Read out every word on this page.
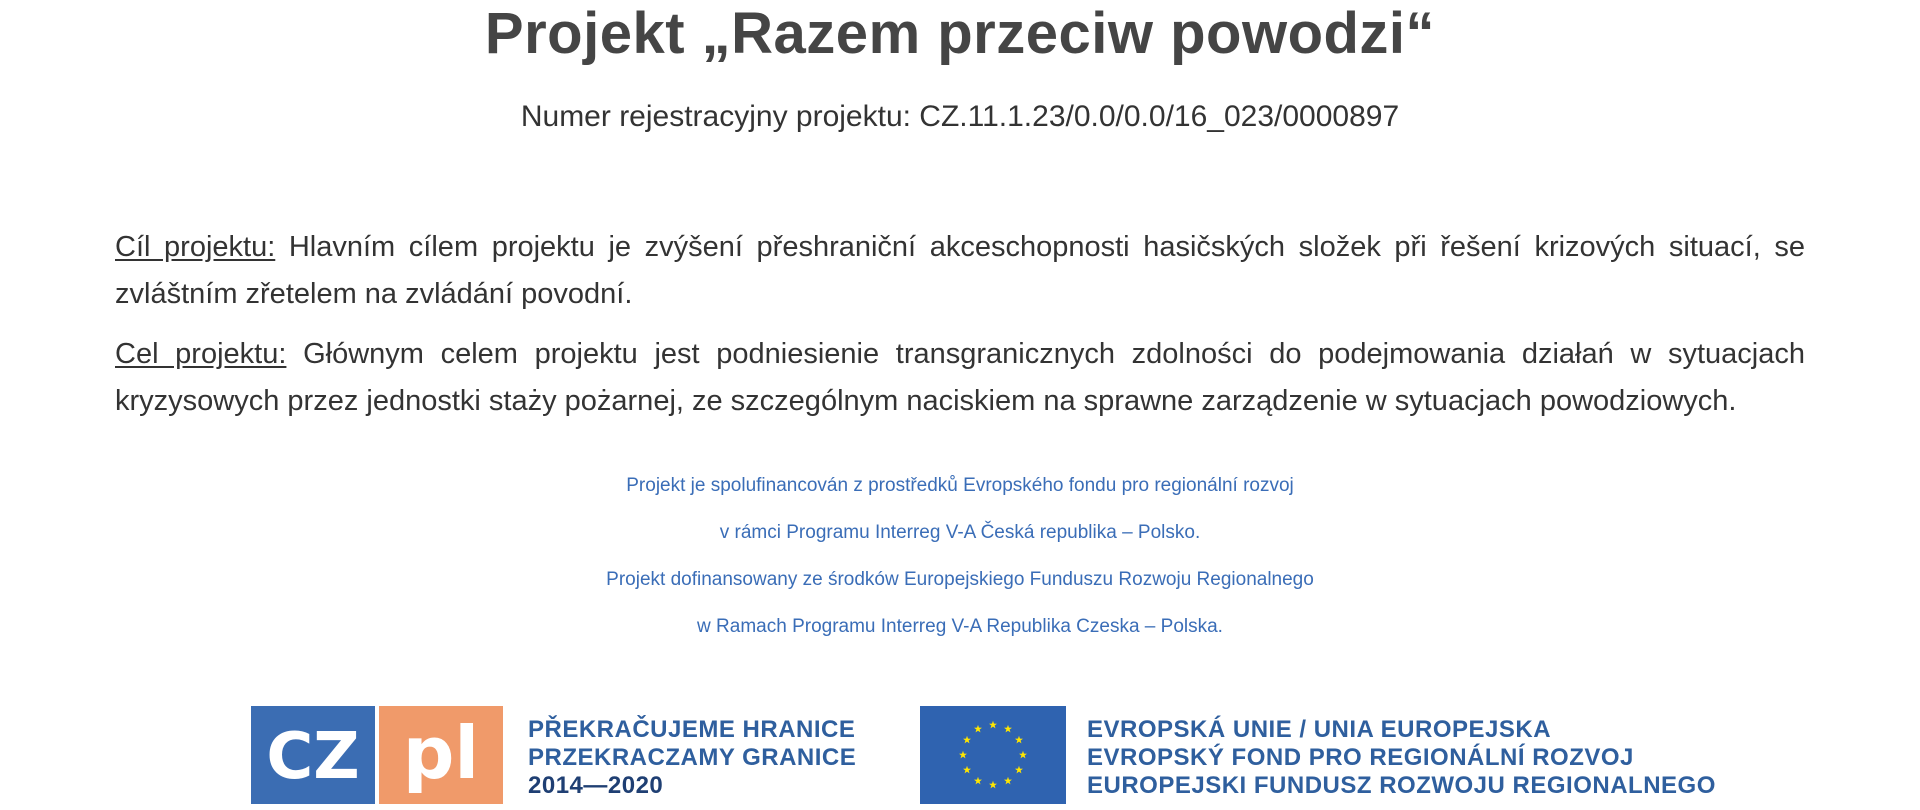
Projekt „Razem przeciw powodzi“
Numer rejestracyjny projektu: CZ.11.1.23/0.0/0.0/16_023/0000897
Cíl projektu: Hlavním cílem projektu je zvýšení přeshraniční akceschopnosti hasičských složek při řešení krizových situací, se zvláštním zřetelem na zvládání povodní.
Cel projektu: Głównym celem projektu jest podniesienie transgranicznych zdolności do podejmowania działań w sytuacjach kryzysowych przez jednostki staży pożarnej, ze szczególnym naciskiem na sprawne zarządzenie w sytuacjach powodziowych.
Projekt je spolufinancován z prostředků Evropského fondu pro regionální rozvoj
v rámci Programu Interreg V-A Česká republika – Polsko.
Projekt dofinansowany ze środków Europejskiego Funduszu Rozwoju Regionalnego
w Ramach Programu Interreg V-A Republika Czeska – Polska.
CZ pl PŘEKRAČUJEME HRANICE
PRZEKRACZAMY GRANICE
2014—2020
EVROPSKÁ UNIE / UNIA EUROPEJSKA
EVROPSKÝ FOND PRO REGIONÁLNÍ ROZVOJ
EUROPEJSKI FUNDUSZ ROZWOJU REGIONALNEGO
